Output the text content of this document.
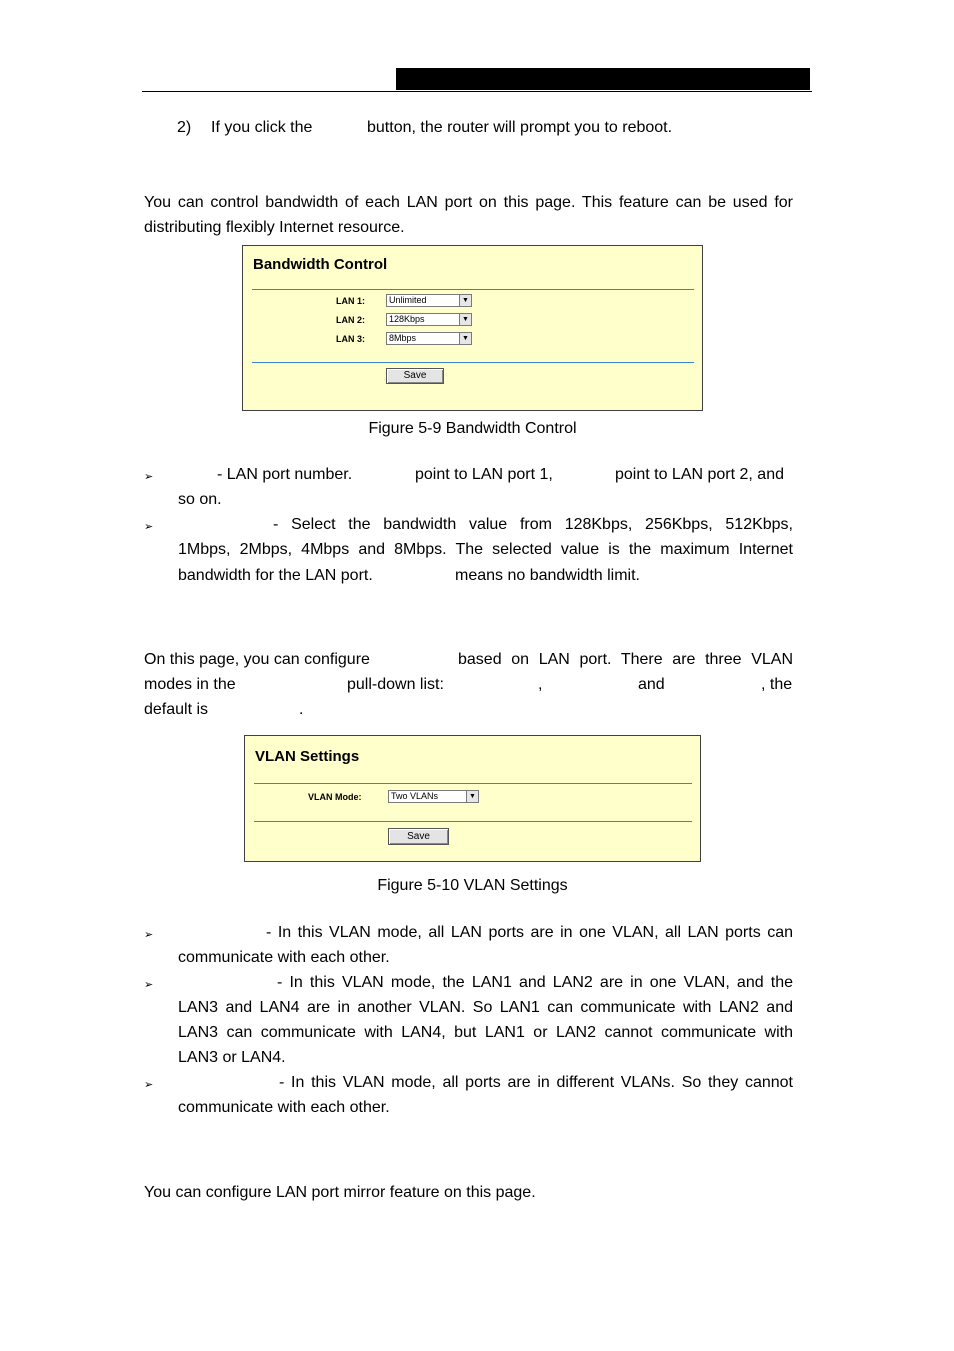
2) If you click the	button, the router will prompt you to reboot.
You can control bandwidth of each LAN port on this page. This feature can be used for
distributing flexibly Internet resource.
Bandwidth Control
LAN 1:	Unlimited	▼
LAN 2:	128Kbps	▼
LAN 3:	8Mbps	▼
Save
Figure 5-9 Bandwidth Control
➢	- LAN port number.	point to LAN port 1,	point to LAN port 2, and
so on.
➢	- Select the bandwidth value from 128Kbps, 256Kbps, 512Kbps,
1Mbps, 2Mbps, 4Mbps and 8Mbps. The selected value is the maximum Internet
bandwidth for the LAN port.	means no bandwidth limit.
On this page, you can configure	based on LAN port. There are three VLAN
modes in the	pull-down list:	,	and	, the
default is	.
VLAN Settings
VLAN Mode:	Two VLANs	▼
Save
Figure 5-10 VLAN Settings
➢	- In this VLAN mode, all LAN ports are in one VLAN, all LAN ports can
communicate with each other.
➢	- In this VLAN mode, the LAN1 and LAN2 are in one VLAN, and the
LAN3 and LAN4 are in another VLAN. So LAN1 can communicate with LAN2 and
LAN3 can communicate with LAN4, but LAN1 or LAN2 cannot communicate with
LAN3 or LAN4.
➢	- In this VLAN mode, all ports are in different VLANs. So they cannot
communicate with each other.
You can configure LAN port mirror feature on this page.
